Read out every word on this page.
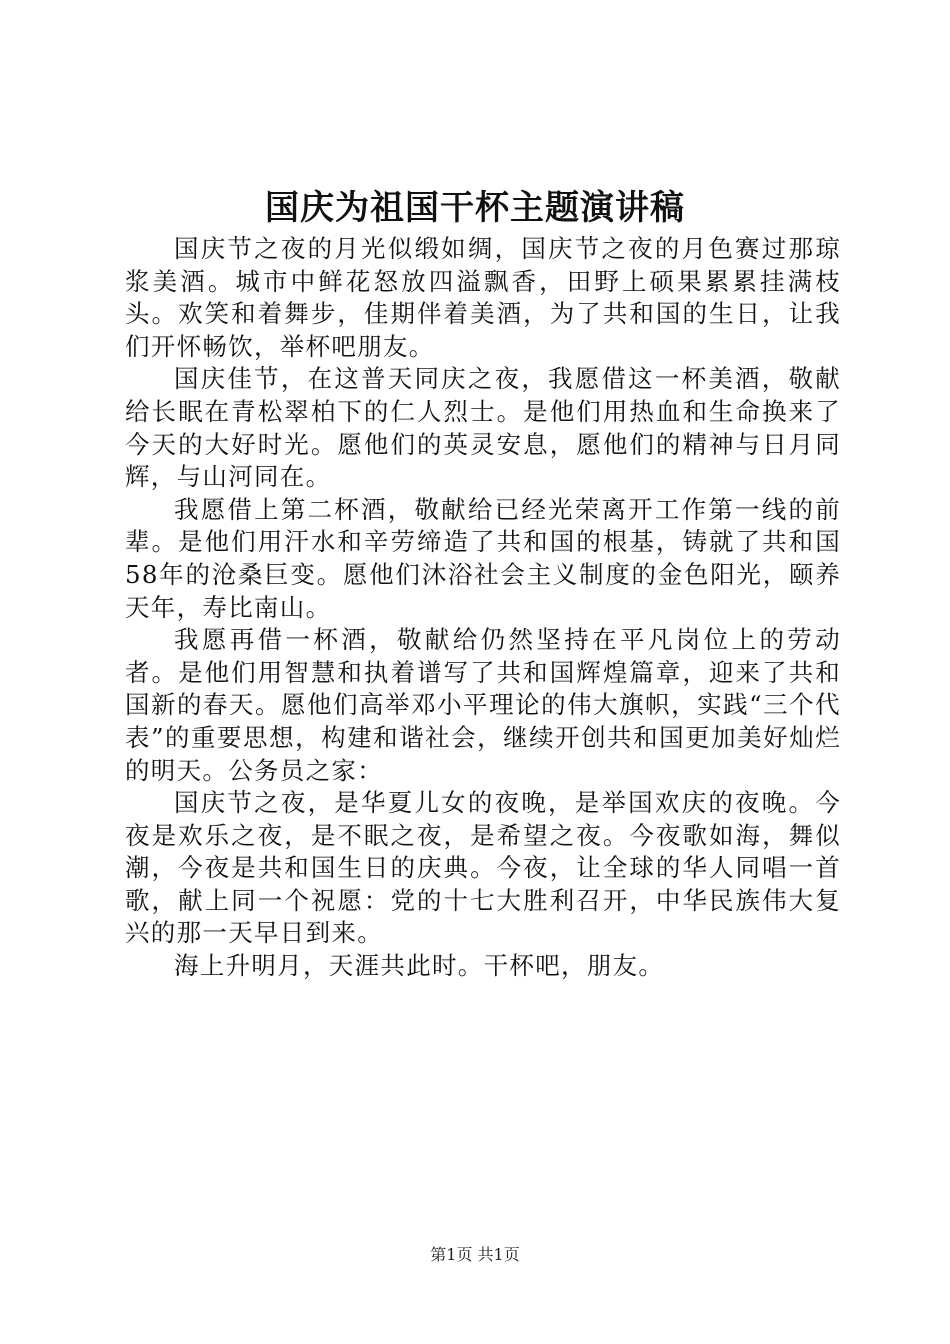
国庆为祖国干杯主题演讲稿

国庆节之夜的月光似缎如绸，国庆节之夜的月色赛过那琼浆美酒。城市中鲜花怒放四溢飘香，田野上硕果累累挂满枝头。欢笑和着舞步，佳期伴着美酒，为了共和国的生日，让我们开怀畅饮，举杯吧朋友。

国庆佳节，在这普天同庆之夜，我愿借这一杯美酒，敬献给长眠在青松翠柏下的仁人烈士。是他们用热血和生命换来了今天的大好时光。愿他们的英灵安息，愿他们的精神与日月同辉，与山河同在。

我愿借上第二杯酒，敬献给已经光荣离开工作第一线的前辈。是他们用汗水和辛劳缔造了共和国的根基，铸就了共和国58年的沧桑巨变。愿他们沐浴社会主义制度的金色阳光，颐养天年，寿比南山。

我愿再借一杯酒，敬献给仍然坚持在平凡岗位上的劳动者。是他们用智慧和执着谱写了共和国辉煌篇章，迎来了共和国新的春天。愿他们高举邓小平理论的伟大旗帜，实践“三个代表”的重要思想，构建和谐社会，继续开创共和国更加美好灿烂的明天。公务员之家：

国庆节之夜，是华夏儿女的夜晚，是举国欢庆的夜晚。今夜是欢乐之夜，是不眠之夜，是希望之夜。今夜歌如海，舞似潮，今夜是共和国生日的庆典。今夜，让全球的华人同唱一首歌，献上同一个祝愿：党的十七大胜利召开，中华民族伟大复兴的那一天早日到来。

海上升明月，天涯共此时。干杯吧，朋友。

第1页 共1页
